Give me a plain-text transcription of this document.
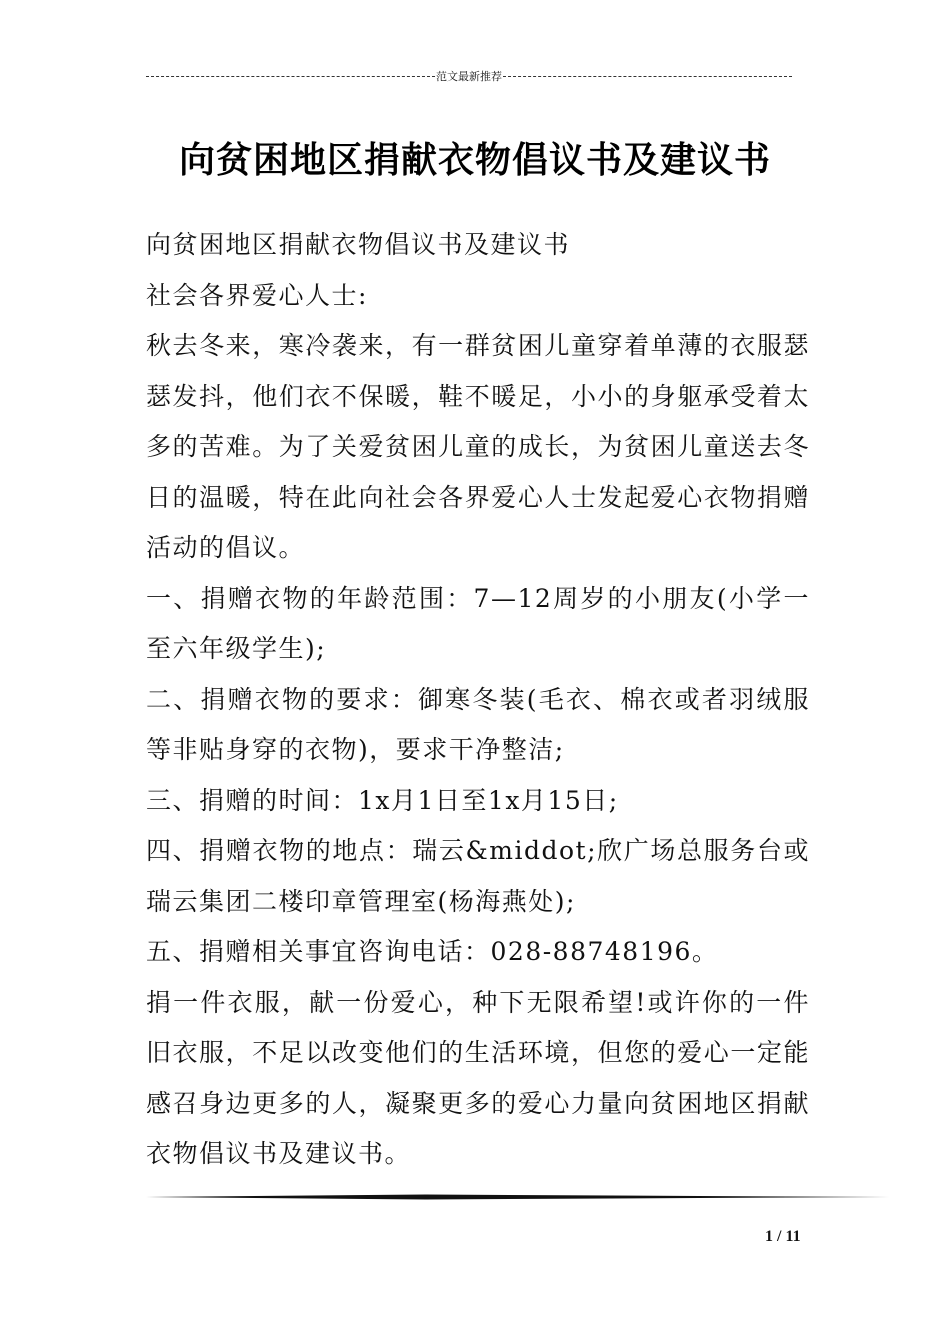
范文最新推荐
向贫困地区捐献衣物倡议书及建议书

向贫困地区捐献衣物倡议书及建议书

社会各界爱心人士:

秋去冬来，寒冷袭来，有一群贫困儿童穿着单薄的衣服瑟瑟发抖，他们衣不保暖，鞋不暖足，小小的身躯承受着太多的苦难。为了关爱贫困儿童的成长，为贫困儿童送去冬日的温暖，特在此向社会各界爱心人士发起爱心衣物捐赠活动的倡议。

一、捐赠衣物的年龄范围：7—12周岁的小朋友(小学一至六年级学生);

二、捐赠衣物的要求：御寒冬装(毛衣、棉衣或者羽绒服等非贴身穿的衣物)，要求干净整洁;

三、捐赠的时间：1x月1日至1x月15日;

四、捐赠衣物的地点：瑞云&middot;欣广场总服务台或瑞云集团二楼印章管理室(杨海燕处);

五、捐赠相关事宜咨询电话：028-88748196。

捐一件衣服，献一份爱心，种下无限希望!或许你的一件旧衣服，不足以改变他们的生活环境，但您的爱心一定能感召身边更多的人，凝聚更多的爱心力量向贫困地区捐献衣物倡议书及建议书。

1 / 11
